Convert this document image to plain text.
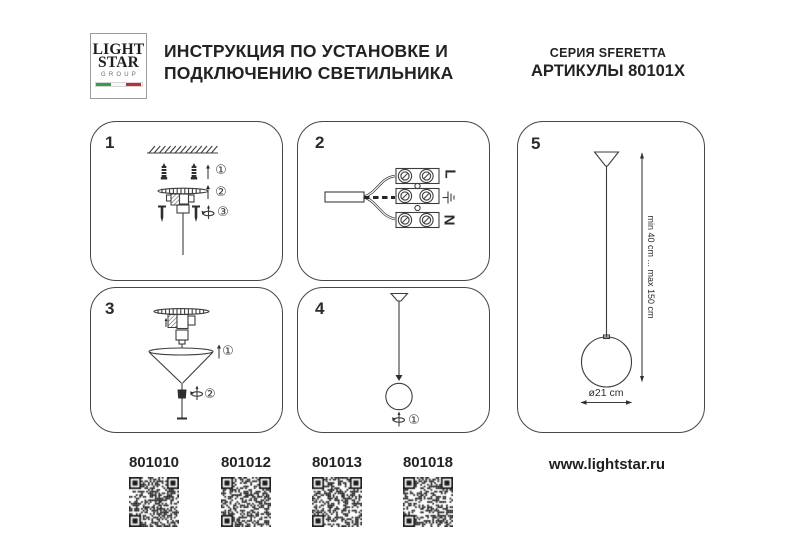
LIGHT
STAR
GROUP
ИНСТРУКЦИЯ ПО УСТАНОВКЕ И
ПОДКЛЮЧЕНИЮ СВЕТИЛЬНИКА
СЕРИЯ SFERETTA
АРТИКУЛЫ 80101X
1
①
②
③
2
L
N
3
①
②
4
①
5
min 40 cm ... max 150 cm
ø21 cm
801010	801012	801013	801018	www.lightstar.ru
